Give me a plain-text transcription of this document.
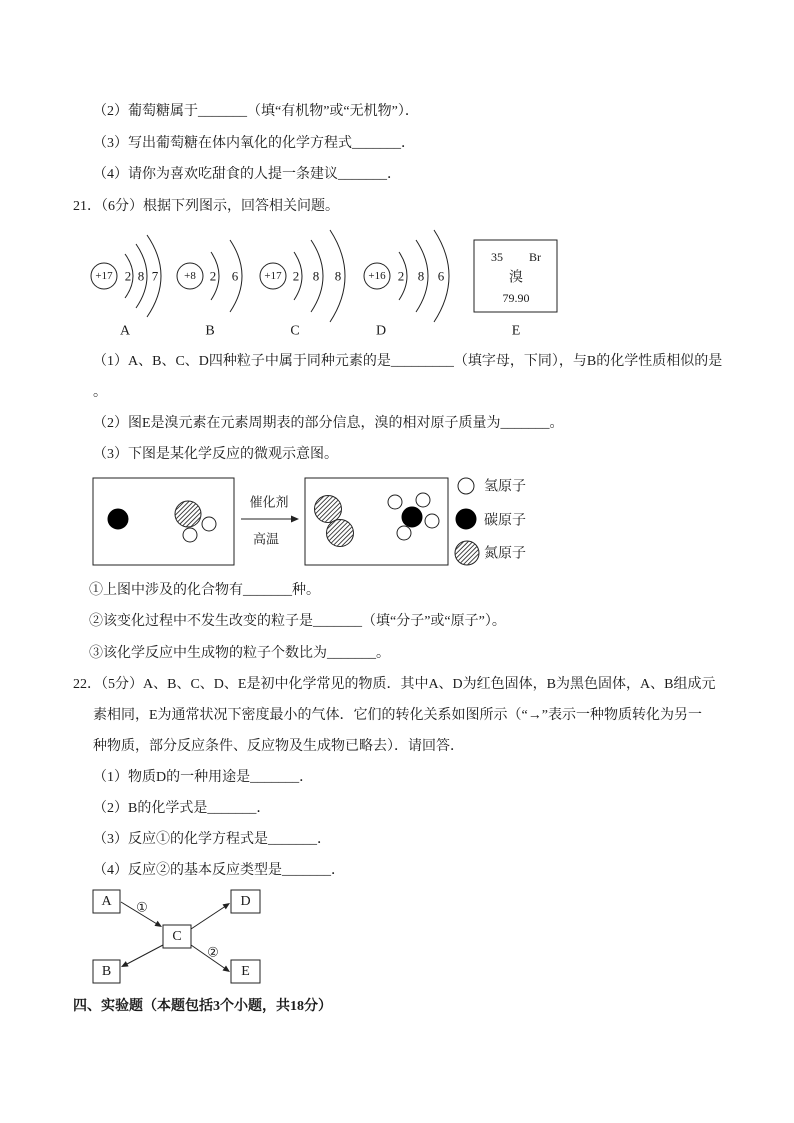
（2）葡萄糖属于_______（填“有机物”或“无机物”）．
（3）写出葡萄糖在体内氧化的化学方程式_______．
（4）请你为喜欢吃甜食的人提一条建议_______．
21．（6分）根据下列图示，回答相关问题。
+17 2 8 7
A
+8 2 6
B
+17 2 8 8
C
+16 2 8 6
D
35 Br
溴
79.90
E
（1）A、B、C、D四种粒子中属于同种元素的是_________（填字母，下同），与B的化学性质相似的是
。
（2）图E是溴元素在元素周期表的部分信息，溴的相对原子质量为_______。
（3）下图是某化学反应的微观示意图。
催化剂
高温
氢原子
碳原子
氮原子
①上图中涉及的化合物有_______种。
②该变化过程中不发生改变的粒子是_______（填“分子”或“原子”）。
③该化学反应中生成物的粒子个数比为_______。
22．（5分）A、B、C、D、E是初中化学常见的物质．其中A、D为红色固体，B为黑色固体，A、B组成元
素相同，E为通常状况下密度最小的气体．它们的转化关系如图所示（“→”表示一种物质转化为另一
种物质，部分反应条件、反应物及生成物已略去）．请回答．
（1）物质D的一种用途是_______．
（2）B的化学式是_______．
（3）反应①的化学方程式是_______．
（4）反应②的基本反应类型是_______．
A	D
C
B	E
①
②
四、实验题（本题包括3个小题，共18分）
